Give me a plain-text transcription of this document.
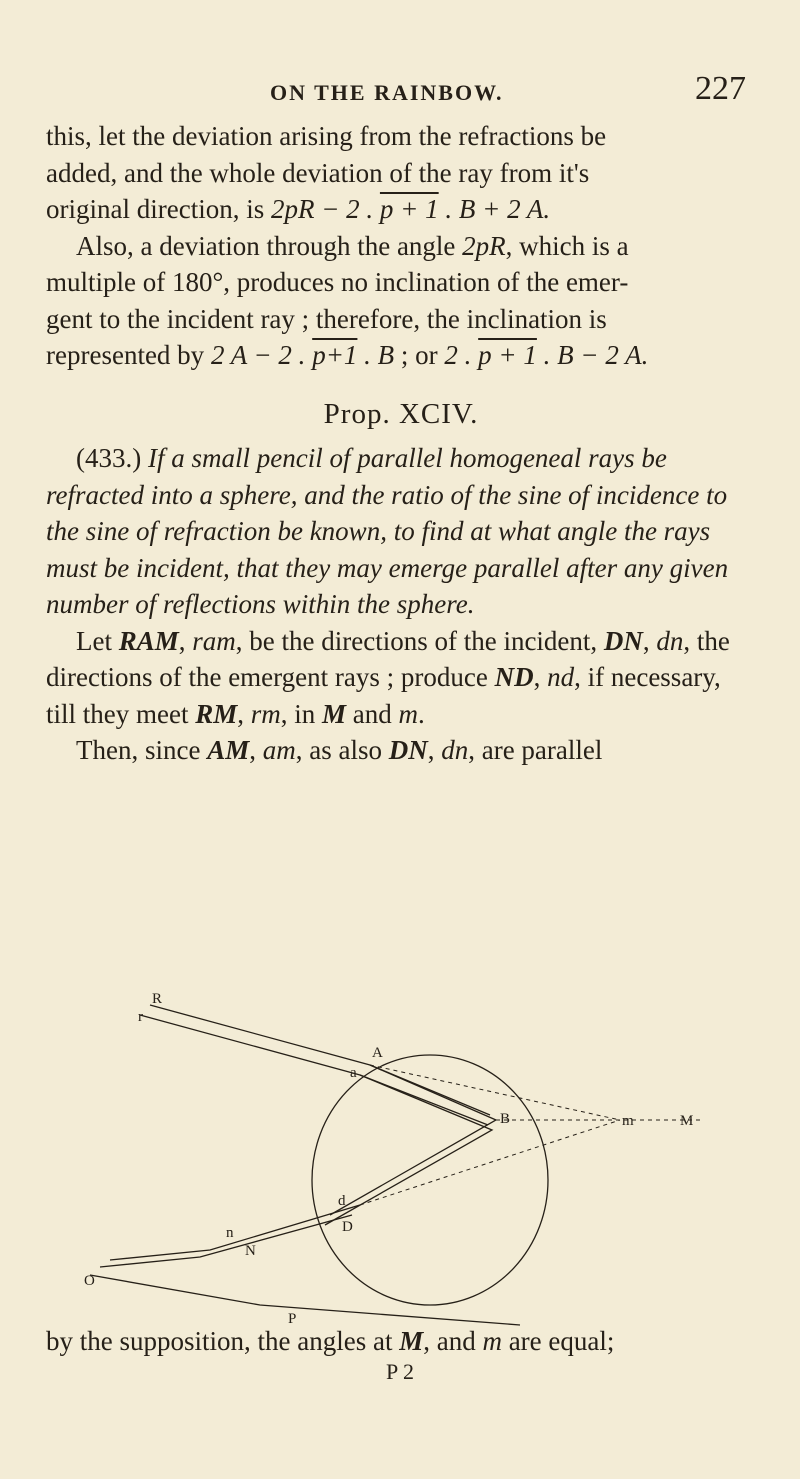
ON THE RAINBOW.	227

this, let the deviation arising from the refractions be
added, and the whole deviation of the ray from it's
original direction, is 2pR − 2 . p + 1 . B + 2 A.

Also, a deviation through the angle 2pR, which is a
multiple of 180°, produces no inclination of the emer-
gent to the incident ray ; therefore, the inclination is
represented by 2 A − 2 . p+1 . B ; or 2 . p + 1 . B − 2 A.

Prop. XCIV.

(433.) If a small pencil of parallel homogeneal rays be refracted into a sphere, and the ratio of the sine of incidence to the sine of refraction be known, to find at what angle the rays must be incident, that they may emerge parallel after any given number of reflections within the sphere.

Let RAM, ram, be the directions of the incident, DN, dn, the directions of the emergent rays ; produce ND, nd, if necessary, till they meet RM, rm, in M and m.

Then, since AM, am, as also DN, dn, are parallel

R
r
A
a
B	m	M
d
n
N
D
O
P
by the supposition, the angles at M, and m are equal;
P 2
